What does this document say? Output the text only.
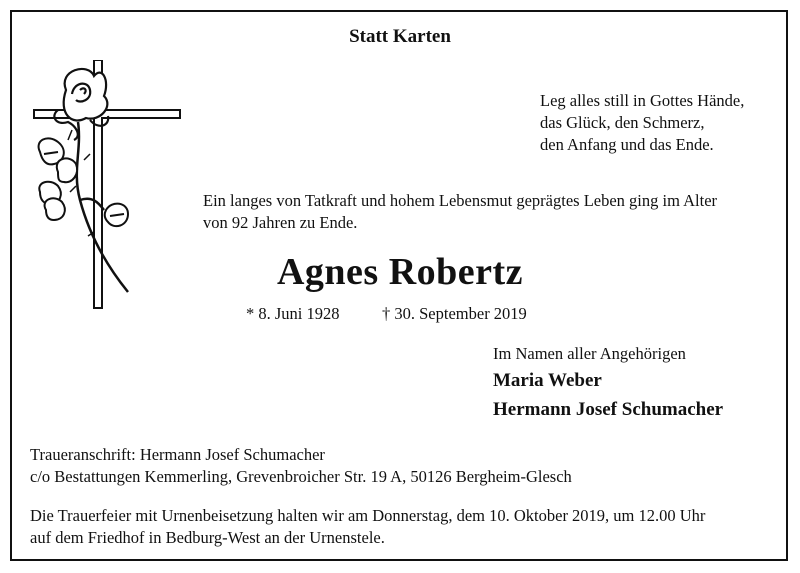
Statt Karten
Leg alles still in Gottes Hände,
das Glück, den Schmerz,
den Anfang und das Ende.
Ein langes von Tatkraft und hohem Lebensmut geprägtes Leben ging im Alter
von 92 Jahren zu Ende.
Agnes Robertz
* 8. Juni 1928	† 30. September 2019
Im Namen aller Angehörigen
Maria Weber
Hermann Josef Schumacher
Traueranschrift: Hermann Josef Schumacher
c/o Bestattungen Kemmerling, Grevenbroicher Str. 19 A, 50126 Bergheim-Glesch
Die Trauerfeier mit Urnenbeisetzung halten wir am Donnerstag, dem 10. Oktober 2019, um 12.00 Uhr
auf dem Friedhof in Bedburg-West an der Urnenstele.
